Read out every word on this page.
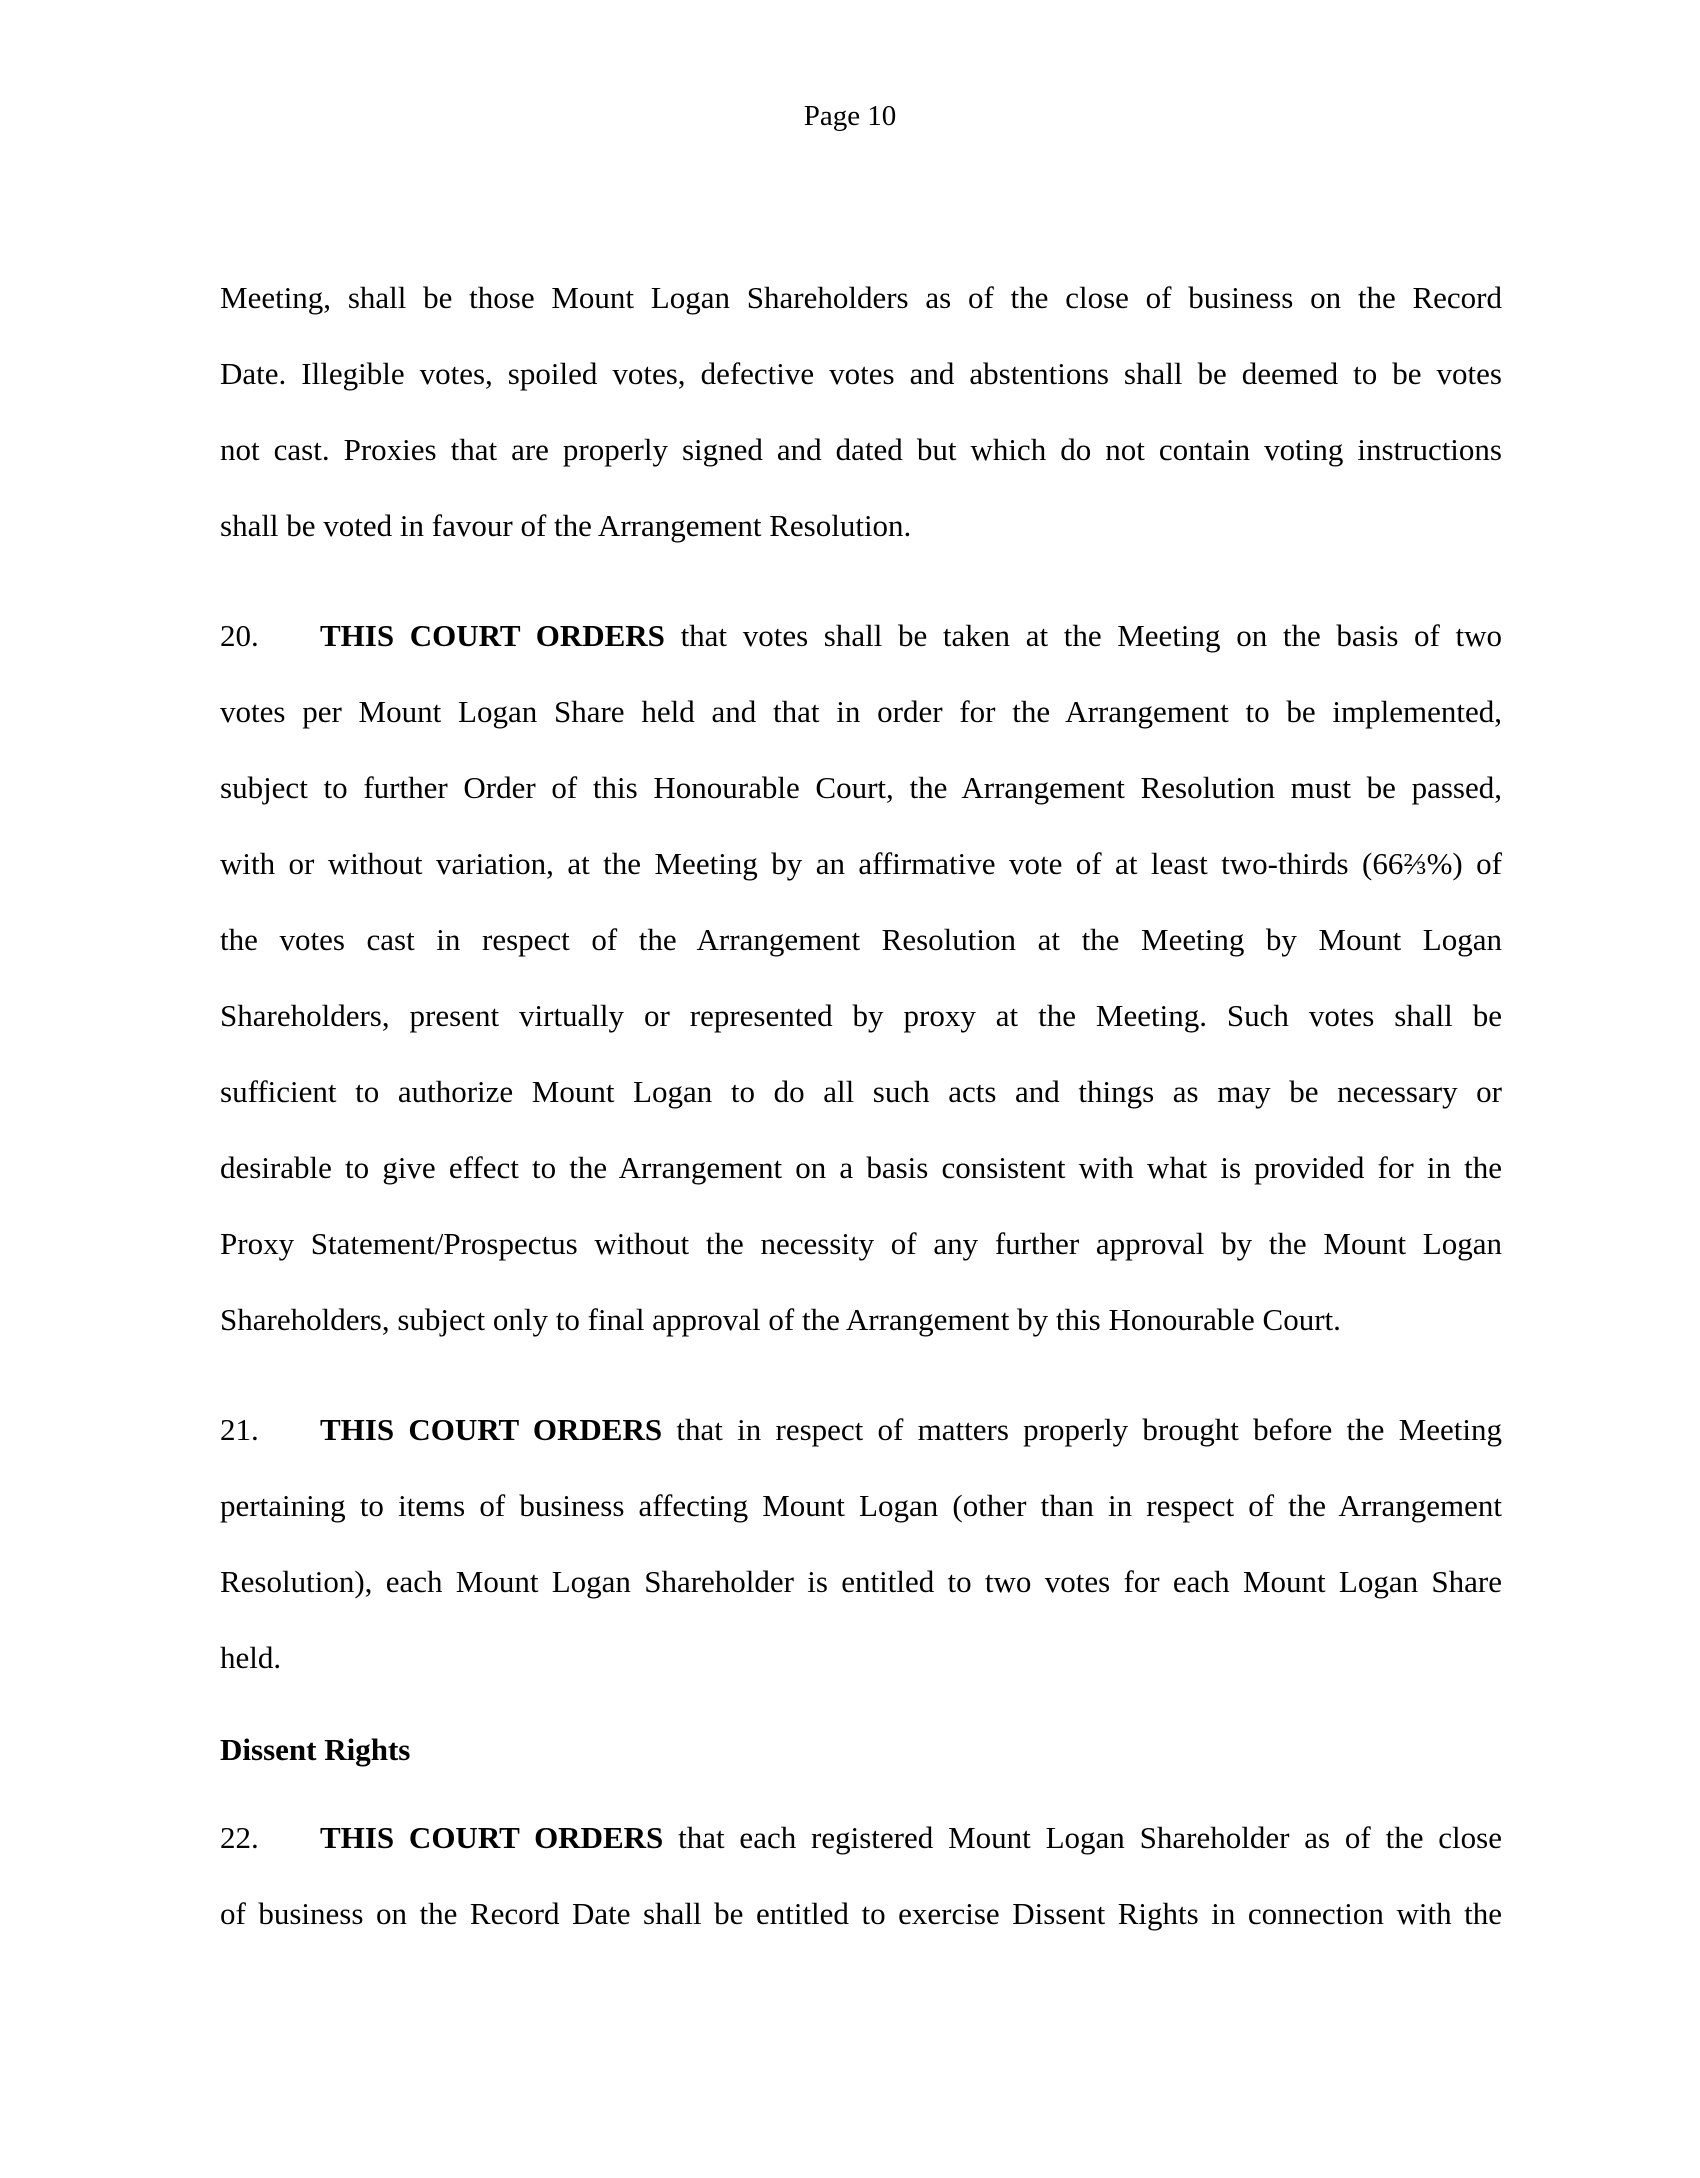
Page 10
Meeting, shall be those Mount Logan Shareholders as of the close of business on the Record
Date. Illegible votes, spoiled votes, defective votes and abstentions shall be deemed to be votes
not cast. Proxies that are properly signed and dated but which do not contain voting instructions
shall be voted in favour of the Arrangement Resolution.
20. THIS COURT ORDERS that votes shall be taken at the Meeting on the basis of two
votes per Mount Logan Share held and that in order for the Arrangement to be implemented,
subject to further Order of this Honourable Court, the Arrangement Resolution must be passed,
with or without variation, at the Meeting by an affirmative vote of at least two-thirds (66⅔%) of
the votes cast in respect of the Arrangement Resolution at the Meeting by Mount Logan
Shareholders, present virtually or represented by proxy at the Meeting. Such votes shall be
sufficient to authorize Mount Logan to do all such acts and things as may be necessary or
desirable to give effect to the Arrangement on a basis consistent with what is provided for in the
Proxy Statement/Prospectus without the necessity of any further approval by the Mount Logan
Shareholders, subject only to final approval of the Arrangement by this Honourable Court.
21. THIS COURT ORDERS that in respect of matters properly brought before the Meeting
pertaining to items of business affecting Mount Logan (other than in respect of the Arrangement
Resolution), each Mount Logan Shareholder is entitled to two votes for each Mount Logan Share
held.
Dissent Rights
22. THIS COURT ORDERS that each registered Mount Logan Shareholder as of the close
of business on the Record Date shall be entitled to exercise Dissent Rights in connection with the
